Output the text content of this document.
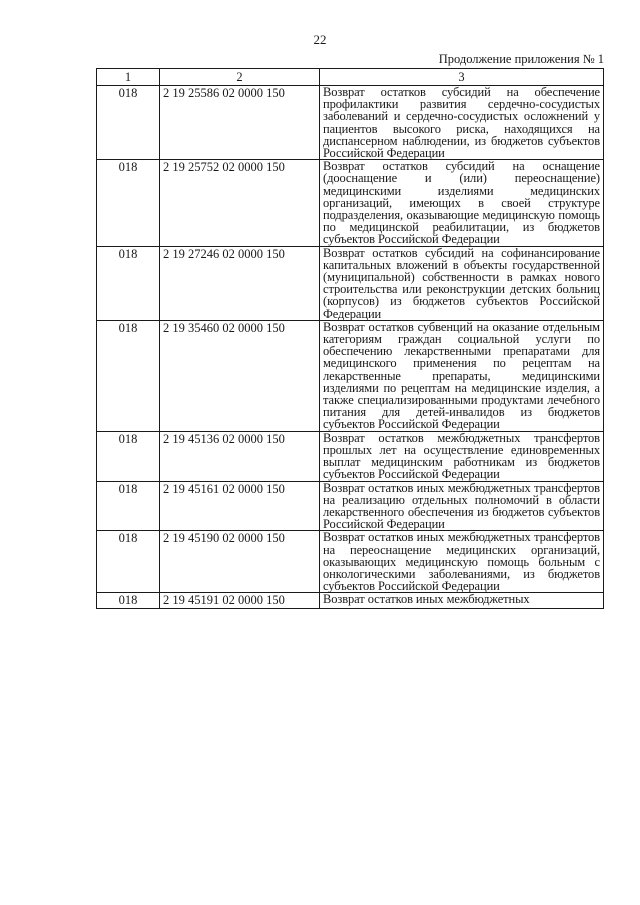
22
Продолжение приложения № 1
1	2	3
018	2 19 25586 02 0000 150	Возврат остатков субсидий на обеспечение профилактики развития сердечно-сосудистых заболеваний и сердечно-сосудистых осложнений у пациентов высокого риска, находящихся на диспансерном наблюдении, из бюджетов субъектов Российской Федерации
018	2 19 25752 02 0000 150	Возврат остатков субсидий на оснащение (дооснащение и (или) переоснащение) медицинскими изделиями медицинских организаций, имеющих в своей структуре подразделения, оказывающие медицинскую помощь по медицинской реабилитации, из бюджетов субъектов Российской Федерации
018	2 19 27246 02 0000 150	Возврат остатков субсидий на софинансирование капитальных вложений в объекты государственной (муниципальной) собственности в рамках нового строительства или реконструкции детских больниц (корпусов) из бюджетов субъектов Российской Федерации
018	2 19 35460 02 0000 150	Возврат остатков субвенций на оказание отдельным категориям граждан социальной услуги по обеспечению лекарственными препаратами для медицинского применения по рецептам на лекарственные препараты, медицинскими изделиями по рецептам на медицинские изделия, а также специализированными продуктами лечебного питания для детей-инвалидов из бюджетов субъектов Российской Федерации
018	2 19 45136 02 0000 150	Возврат остатков межбюджетных трансфертов прошлых лет на осуществление единовременных выплат медицинским работникам из бюджетов субъектов Российской Федерации
018	2 19 45161 02 0000 150	Возврат остатков иных межбюджетных трансфертов на реализацию отдельных полномочий в области лекарственного обеспечения из бюджетов субъектов Российской Федерации
018	2 19 45190 02 0000 150	Возврат остатков иных межбюджетных трансфертов на переоснащение медицинских организаций, оказывающих медицинскую помощь больным с онкологическими заболеваниями, из бюджетов субъектов Российской Федерации
018	2 19 45191 02 0000 150	Возврат остатков иных межбюджетных
